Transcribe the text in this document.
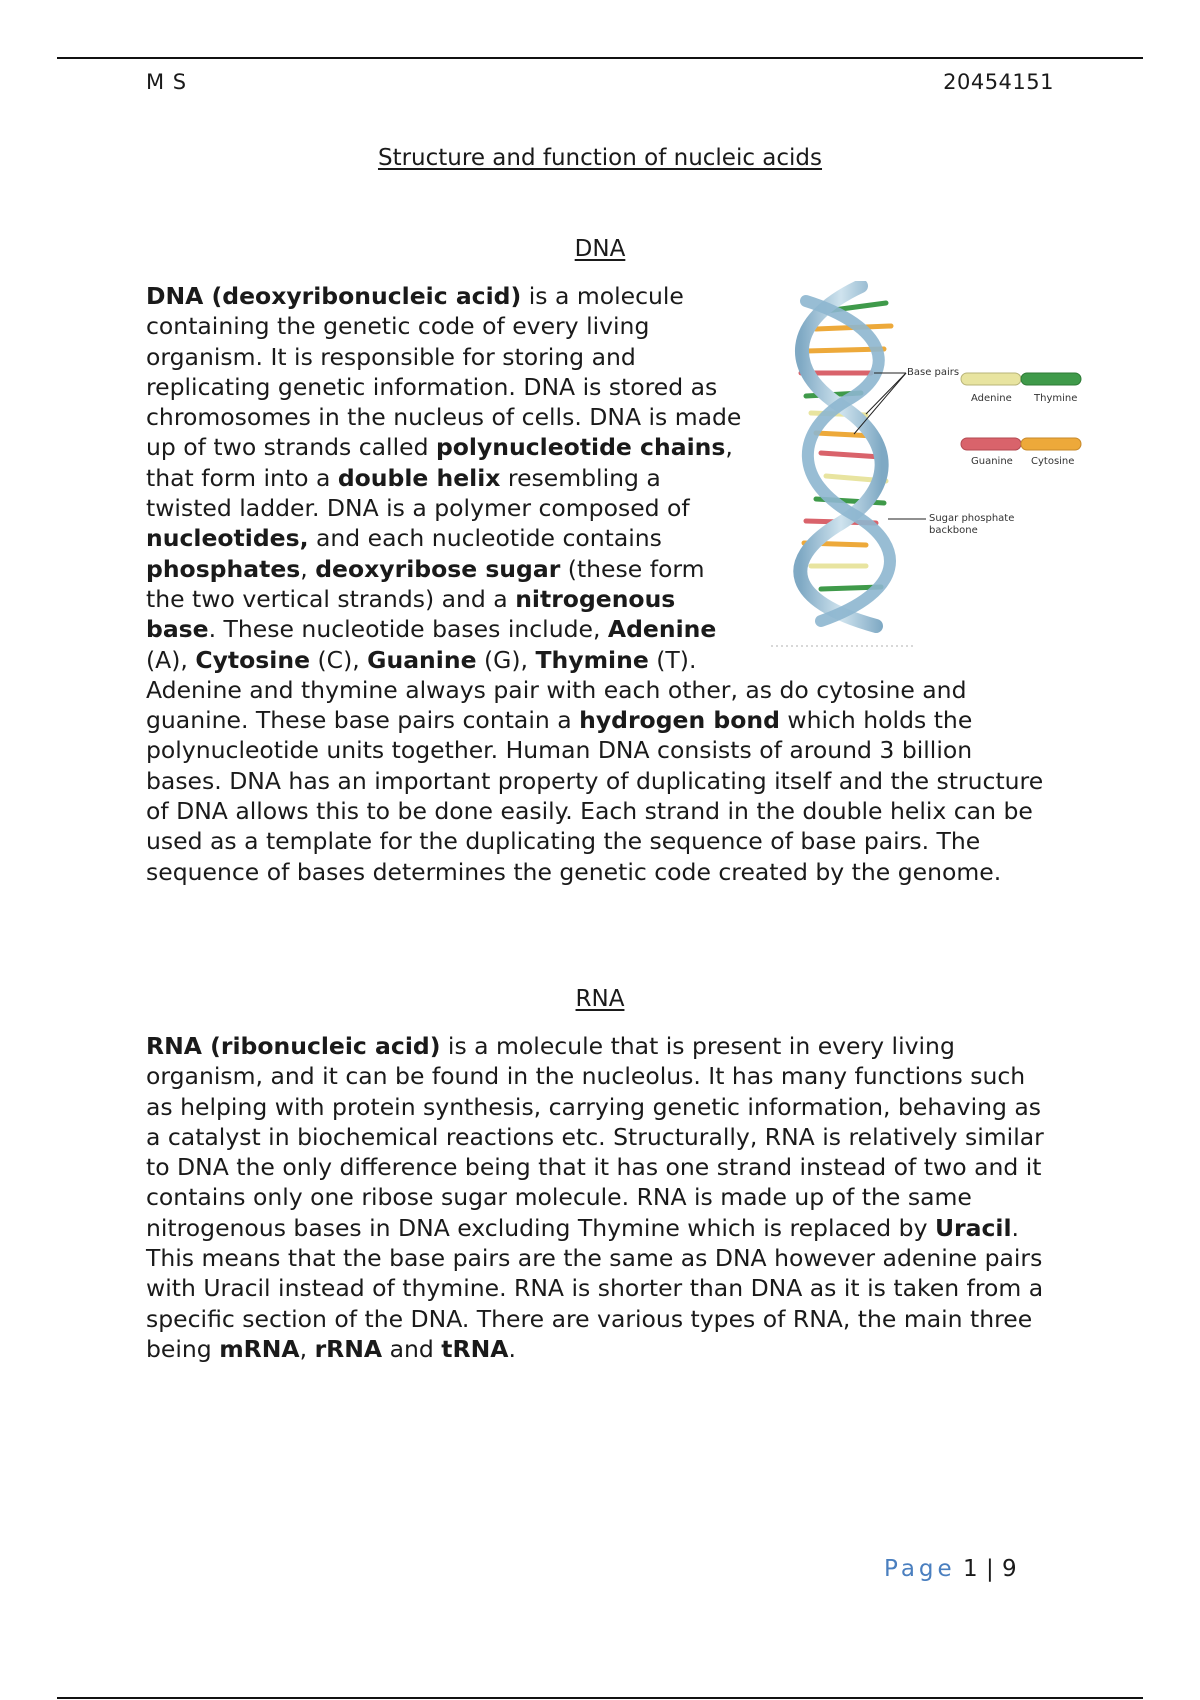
M S	20454151
Structure and function of nucleic acids
DNA
Base pairs
Adenine Thymine
Guanine Cytosine
Sugar phosphate backbone

DNA (deoxyribonucleic acid) is a molecule containing the genetic code of every living organism. It is responsible for storing and replicating genetic information. DNA is stored as chromosomes in the nucleus of cells. DNA is made up of two strands called polynucleotide chains, that form into a double helix resembling a twisted ladder. DNA is a polymer composed of nucleotides, and each nucleotide contains phosphates, deoxyribose sugar (these form the two vertical strands) and a nitrogenous base. These nucleotide bases include, Adenine (A), Cytosine (C), Guanine (G), Thymine (T). Adenine and thymine always pair with each other, as do cytosine and guanine. These base pairs contain a hydrogen bond which holds the polynucleotide units together. Human DNA consists of around 3 billion bases. DNA has an important property of duplicating itself and the structure of DNA allows this to be done easily. Each strand in the double helix can be used as a template for the duplicating the sequence of base pairs. The sequence of bases determines the genetic code created by the genome.

RNA

RNA (ribonucleic acid) is a molecule that is present in every living organism, and it can be found in the nucleolus. It has many functions such as helping with protein synthesis, carrying genetic information, behaving as a catalyst in biochemical reactions etc. Structurally, RNA is relatively similar to DNA the only difference being that it has one strand instead of two and it contains only one ribose sugar molecule. RNA is made up of the same nitrogenous bases in DNA excluding Thymine which is replaced by Uracil. This means that the base pairs are the same as DNA however adenine pairs with Uracil instead of thymine. RNA is shorter than DNA as it is taken from a specific section of the DNA. There are various types of RNA, the main three being mRNA, rRNA and tRNA.

Page 1 | 9
